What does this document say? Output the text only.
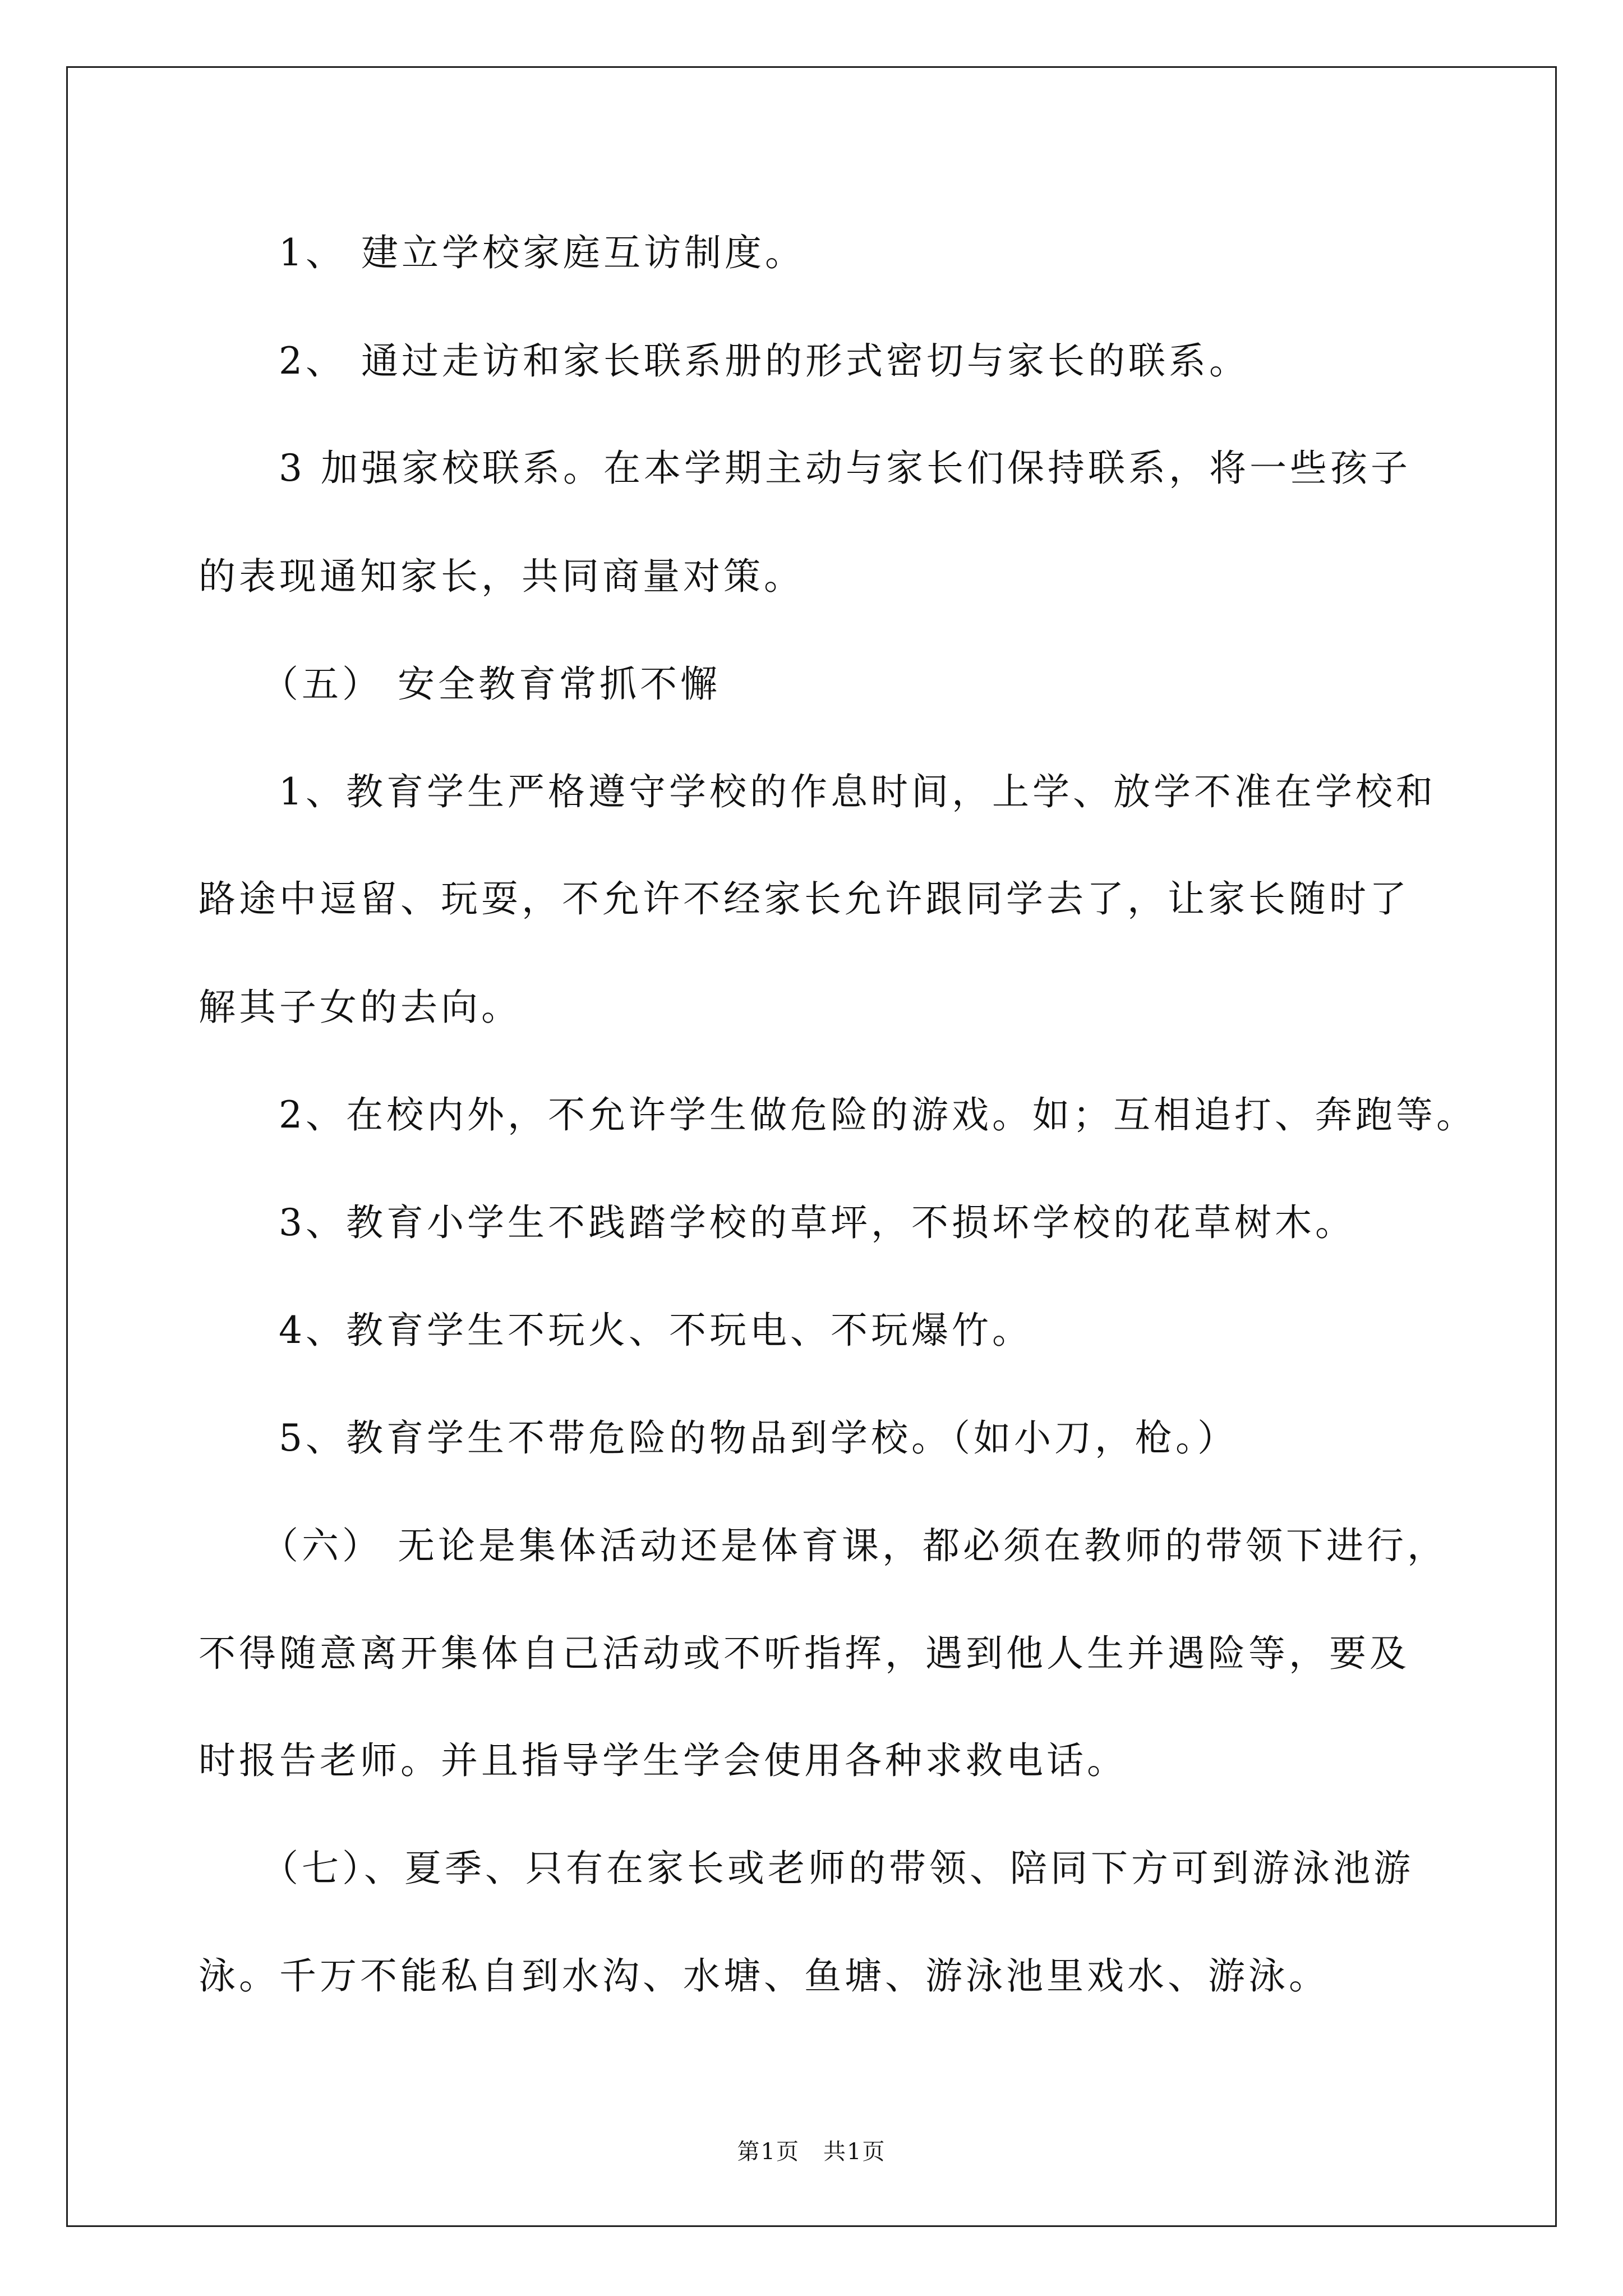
1、 建立学校家庭互访制度。

2、 通过走访和家长联系册的形式密切与家长的联系。

3 加强家校联系。在本学期主动与家长们保持联系，将一些孩子

的表现通知家长，共同商量对策。

（五） 安全教育常抓不懈

1、教育学生严格遵守学校的作息时间，上学、放学不准在学校和

路途中逗留、玩耍，不允许不经家长允许跟同学去了，让家长随时了

解其子女的去向。

2、在校内外，不允许学生做危险的游戏。如；互相追打、奔跑等。

3、教育小学生不践踏学校的草坪，不损坏学校的花草树木。

4、教育学生不玩火、不玩电、不玩爆竹。

5、教育学生不带危险的物品到学校。（如小刀，枪。）

（六） 无论是集体活动还是体育课，都必须在教师的带领下进行，

不得随意离开集体自己活动或不听指挥，遇到他人生并遇险等，要及

时报告老师。并且指导学生学会使用各种求救电话。

（七）、夏季、只有在家长或老师的带领、陪同下方可到游泳池游

泳。千万不能私自到水沟、水塘、鱼塘、游泳池里戏水、游泳。

第1页　共1页
